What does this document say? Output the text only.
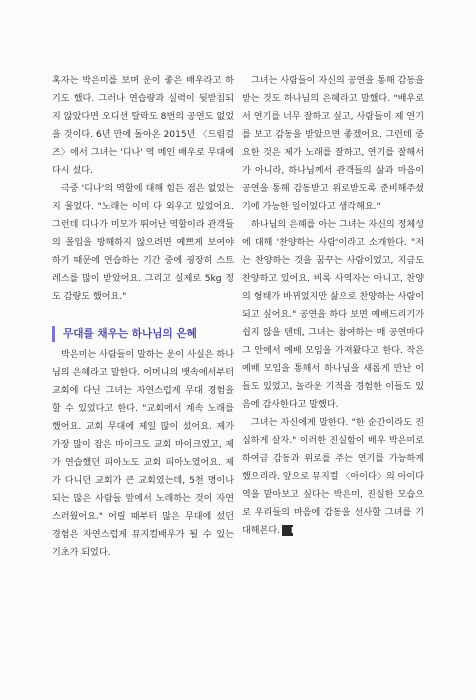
혹자는 박은미를 보며 운이 좋은 배우라고 하기도 했다. 그러나 연습량과 실력이 뒷받침되지 않았다면 오디션 탈락도 8번의 공연도 없었을 것이다. 6년 만에 돌아온 2015년 〈드림걸즈〉에서 그녀는 '디나' 역 메인 배우로 무대에 다시 섰다.

극중 '디나'의 역할에 대해 힘든 점은 없었는지 물었다. "노래는 이미 다 외우고 있었어요. 그런데 디나가 미모가 뛰어난 역할이라 관객들의 몰입을 방해하지 않으려면 예쁘게 보여야 하기 때문에 연습하는 기간 중에 굉장히 스트레스를 많이 받았어요. 그리고 실제로 5kg 정도 감량도 했어요."

무대를 채우는 하나님의 은혜

박은미는 사람들이 말하는 운이 사실은 하나님의 은혜라고 말한다. 어머니의 뱃속에서부터 교회에 다닌 그녀는 자연스럽게 무대 경험을 할 수 있었다고 한다. "교회에서 계속 노래를 했어요. 교회 무대에 제일 많이 섰어요. 제가 가장 많이 잡은 마이크도 교회 마이크였고, 제가 연습했던 피아노도 교회 피아노였어요. 제가 다니던 교회가 큰 교회였는데, 5천 명이나 되는 많은 사람들 앞에서 노래하는 것이 자연스러웠어요." 어릴 때부터 많은 무대에 섰던 경험은 자연스럽게 뮤지컬배우가 될 수 있는 기초가 되었다.

그녀는 사람들이 자신의 공연을 통해 감동을 받는 것도 하나님의 은혜라고 말했다. "배우로서 연기를 너무 잘하고 싶고, 사람들이 제 연기를 보고 감동을 받았으면 좋겠어요. 그런데 중요한 것은 제가 노래를 잘하고, 연기를 잘해서가 아니라, 하나님께서 관객들의 삶과 마음이 공연을 통해 감동받고 위로받도록 준비해주셨기에 가능한 일이었다고 생각해요."

하나님의 은혜를 아는 그녀는 자신의 정체성에 대해 '찬양하는 사람'이라고 소개한다. "저는 찬양하는 것을 꿈꾸는 사람이었고, 지금도 찬양하고 있어요. 비록 사역자는 아니고, 찬양의 형태가 바뀌었지만 삶으로 찬양하는 사람이 되고 싶어요." 공연을 하다 보면 예배드리기가 쉽지 않을 텐데, 그녀는 참여하는 매 공연마다 그 안에서 예배 모임을 가져왔다고 한다. 작은 예배 모임을 통해서 하나님을 새롭게 만난 이들도 있었고, 놀라운 기적을 경험한 이들도 있음에 감사한다고 말했다.

그녀는 자신에게 말한다. "한 순간이라도 진심하게 살자." 이러한 진실함이 배우 박은미로 하여금 감동과 위로를 주는 연기를 가능하게 했으리라. 앞으로 뮤지컬 〈아이다〉의 아이다 역을 맡아보고 싶다는 박은미, 진실한 모습으로 우리들의 마음에 감동을 선사할 그녀를 기대해본다. N
